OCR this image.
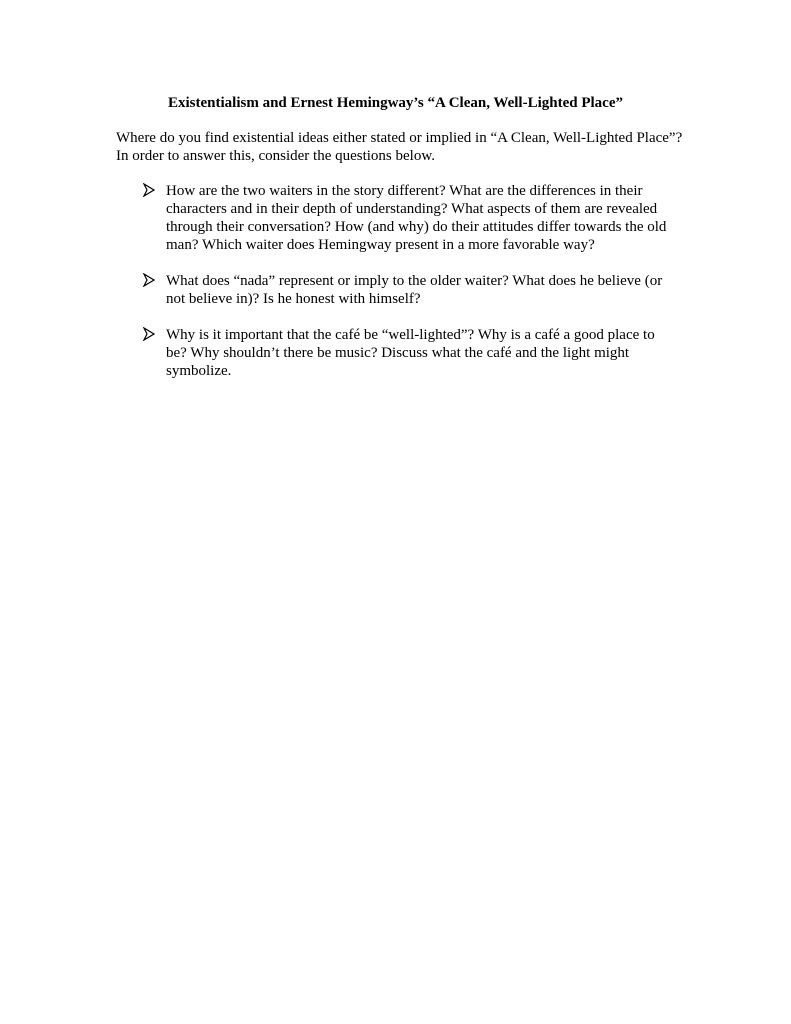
Existentialism and Ernest Hemingway’s “A Clean, Well-Lighted Place”

Where do you find existential ideas either stated or implied in “A Clean, Well-Lighted Place”? In order to answer this, consider the questions below.

How are the two waiters in the story different? What are the differences in their characters and in their depth of understanding? What aspects of them are revealed through their conversation? How (and why) do their attitudes differ towards the old man? Which waiter does Hemingway present in a more favorable way?
What does “nada” represent or imply to the older waiter? What does he believe (or not believe in)? Is he honest with himself?
Why is it important that the café be “well-lighted”? Why is a café a good place to be? Why shouldn’t there be music? Discuss what the café and the light might symbolize.
